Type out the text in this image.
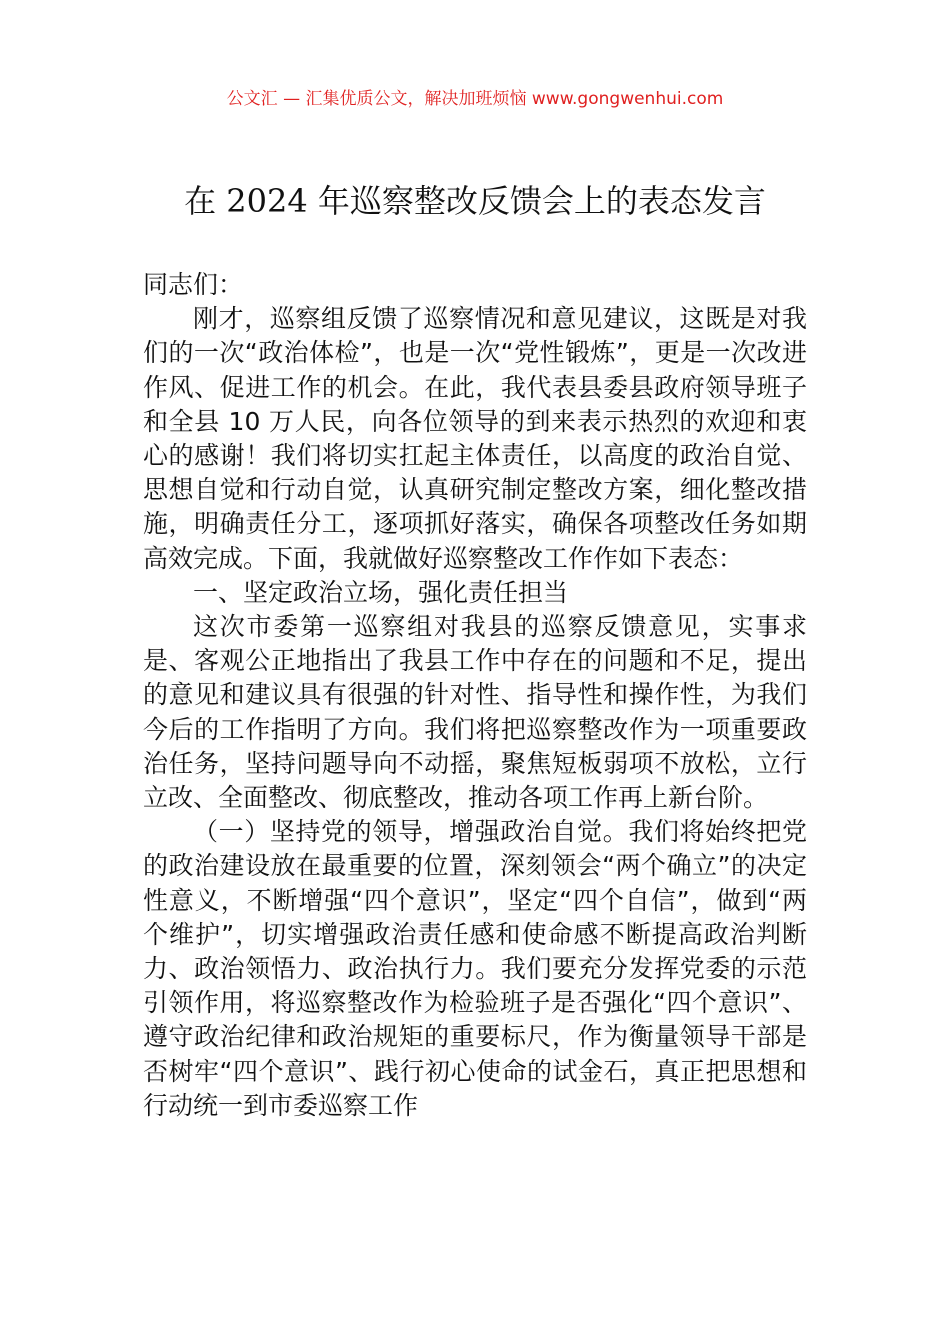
公文汇 — 汇集优质公文，解决加班烦恼 www.gongwenhui.com
在 2024 年巡察整改反馈会上的表态发言

同志们：

刚才，巡察组反馈了巡察情况和意见建议，这既是对我们的一次“政治体检”，也是一次“党性锻炼”，更是一次改进作风、促进工作的机会。在此，我代表县委县政府领导班子和全县 10 万人民，向各位领导的到来表示热烈的欢迎和衷心的感谢！我们将切实扛起主体责任，以高度的政治自觉、思想自觉和行动自觉，认真研究制定整改方案，细化整改措施，明确责任分工，逐项抓好落实，确保各项整改任务如期高效完成。下面，我就做好巡察整改工作作如下表态：

一、坚定政治立场，强化责任担当

这次市委第一巡察组对我县的巡察反馈意见，实事求是、客观公正地指出了我县工作中存在的问题和不足，提出的意见和建议具有很强的针对性、指导性和操作性，为我们今后的工作指明了方向。我们将把巡察整改作为一项重要政治任务，坚持问题导向不动摇，聚焦短板弱项不放松，立行立改、全面整改、彻底整改，推动各项工作再上新台阶。

（一）坚持党的领导，增强政治自觉。我们将始终把党的政治建设放在最重要的位置，深刻领会“两个确立”的决定性意义，不断增强“四个意识”，坚定“四个自信”，做到“两个维护”，切实增强政治责任感和使命感不断提高政治判断力、政治领悟力、政治执行力。我们要充分发挥党委的示范引领作用，将巡察整改作为检验班子是否强化“四个意识”、遵守政治纪律和政治规矩的重要标尺，作为衡量领导干部是否树牢“四个意识”、践行初心使命的试金石，真正把思想和行动统一到市委巡察工作
